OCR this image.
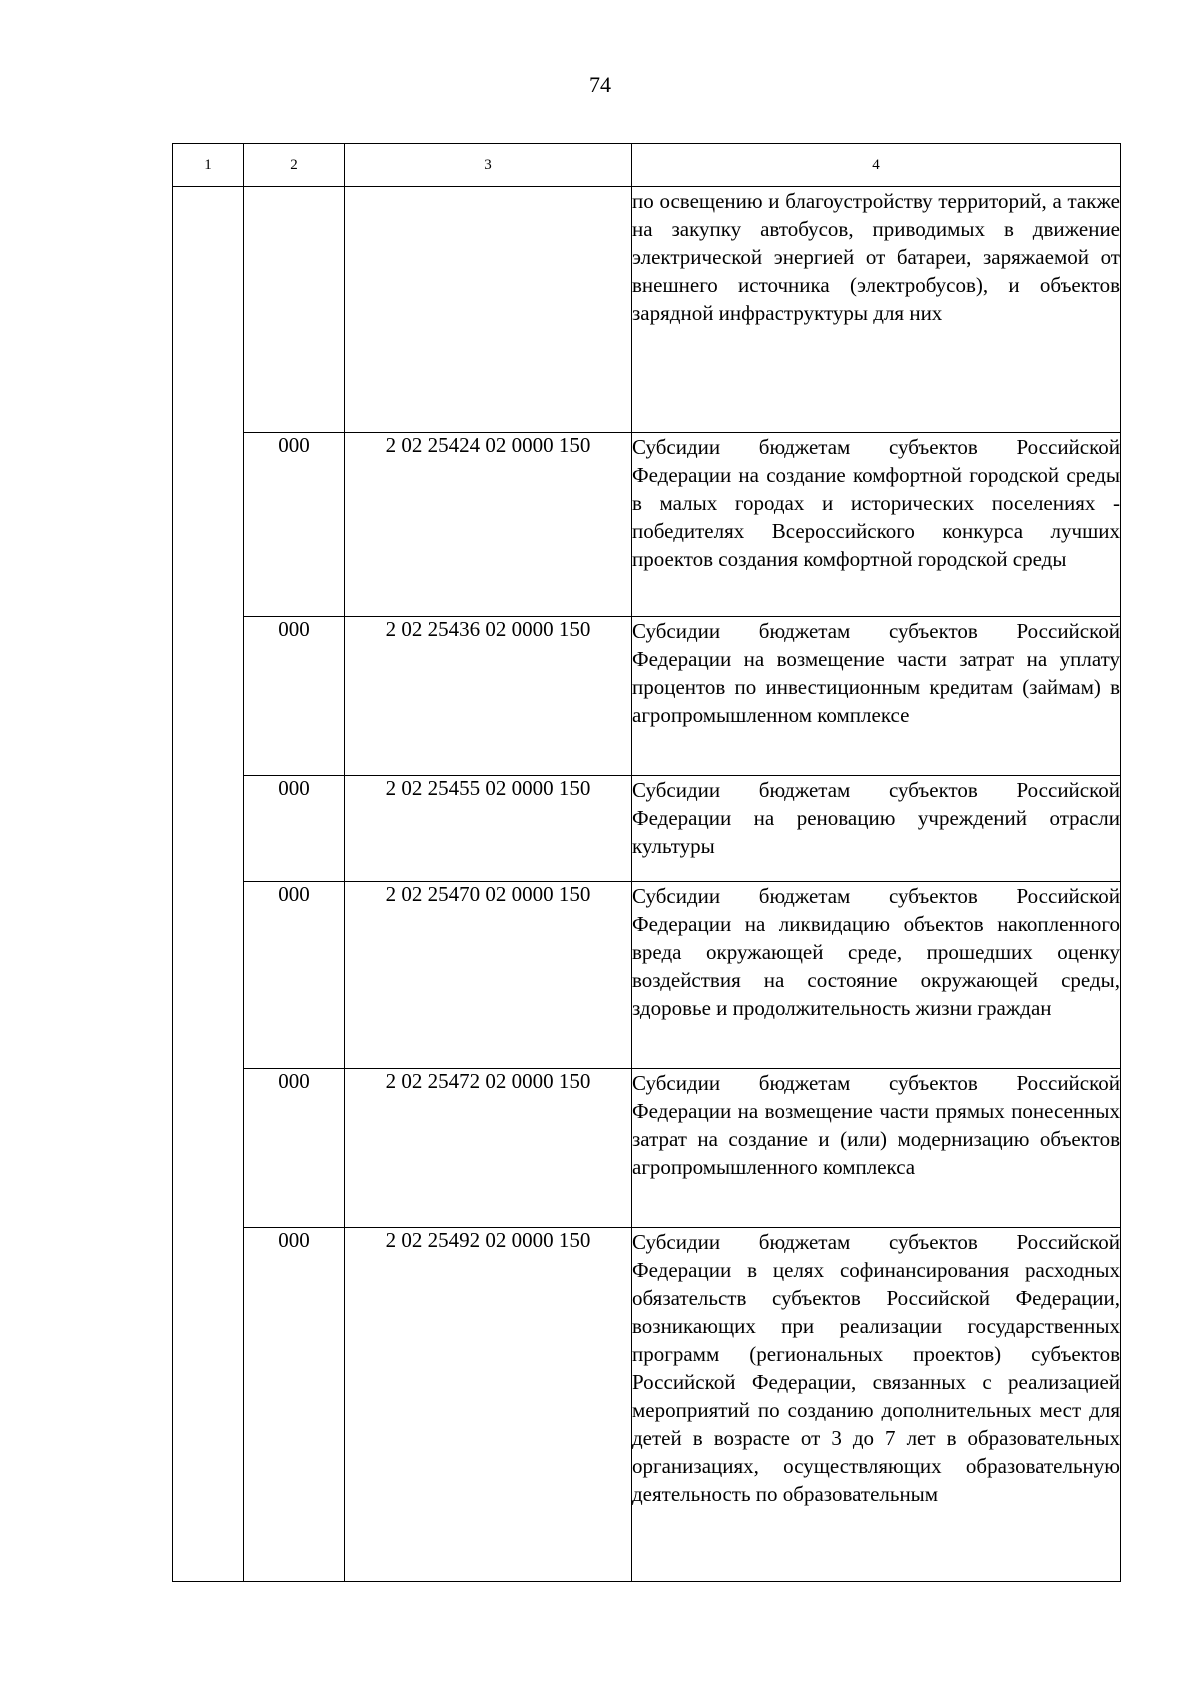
74
1	2	3	4
			по освещению и благоустройству территорий, а также на закупку автобусов, приводимых в движение электрической энергией от батареи, заряжаемой от внешнего источника (электробусов), и объектов зарядной инфраструктуры для них
	000	2 02 25424 02 0000 150	Субсидии бюджетам субъектов Российской Федерации на создание комфортной городской среды в малых городах и исторических поселениях - победителях Всероссийского конкурса лучших проектов создания комфортной городской среды
	000	2 02 25436 02 0000 150	Субсидии бюджетам субъектов Российской Федерации на возмещение части затрат на уплату процентов по инвестиционным кредитам (займам) в агропромышленном комплексе
	000	2 02 25455 02 0000 150	Субсидии бюджетам субъектов Российской Федерации на реновацию учреждений отрасли культуры
	000	2 02 25470 02 0000 150	Субсидии бюджетам субъектов Российской Федерации на ликвидацию объектов накопленного вреда окружающей среде, прошедших оценку воздействия на состояние окружающей среды, здоровье и продолжительность жизни граждан
	000	2 02 25472 02 0000 150	Субсидии бюджетам субъектов Российской Федерации на возмещение части прямых понесенных затрат на создание и (или) модернизацию объектов агропромышленного комплекса
	000	2 02 25492 02 0000 150	Субсидии бюджетам субъектов Российской Федерации в целях софинансирования расходных обязательств субъектов Российской Федерации, возникающих при реализации государственных программ (региональных проектов) субъектов Российской Федерации, связанных с реализацией мероприятий по созданию дополнительных мест для детей в возрасте от 3 до 7 лет в образовательных организациях, осуществляющих образовательную деятельность по образовательным
